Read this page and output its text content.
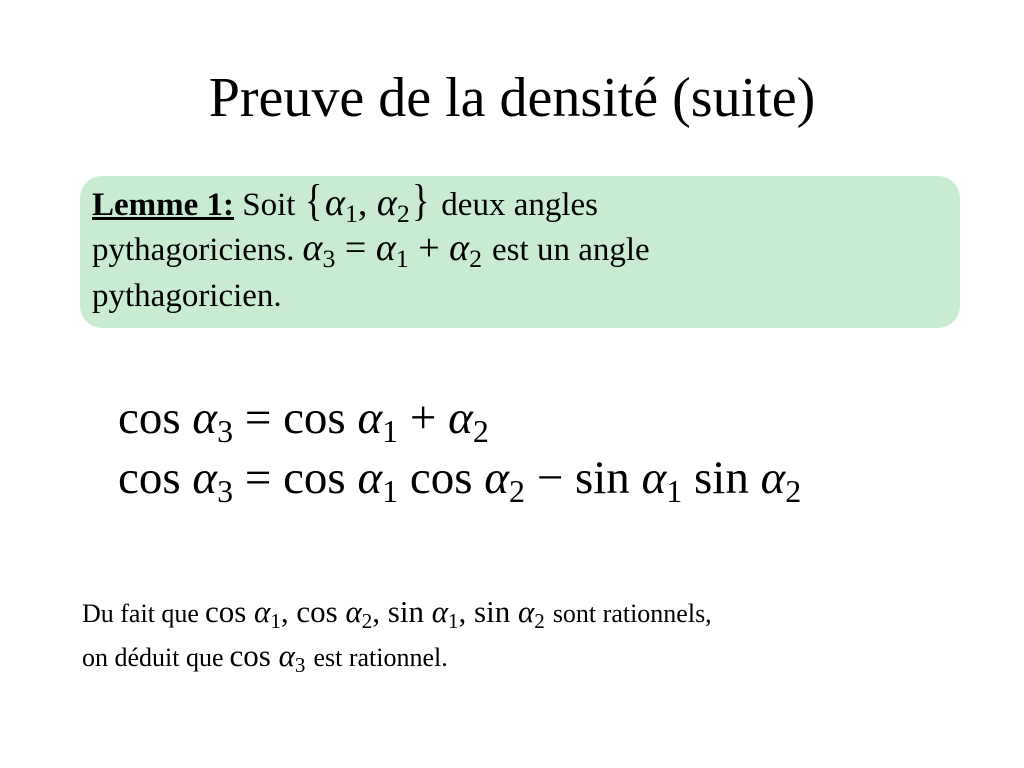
Preuve de la densité (suite)
Lemme 1: Soit {$\alpha_1$, $\alpha_2$} deux angles
pythagoriciens. $\alpha_3 = \alpha_1 + \alpha_2$ est un angle
pythagoricien.
$\cos \alpha_3 = \cos \alpha_1 + \alpha_2$
$\cos \alpha_3 = \cos \alpha_1$ $\cos \alpha_2 - \sin \alpha_1$ $\sin \alpha_2$
Du fait que $\cos \alpha_1$, $\cos \alpha_2$, $\sin \alpha_1$, $\sin \alpha_2$ sont rationnels,
on déduit que $\cos \alpha_3$ est rationnel.
